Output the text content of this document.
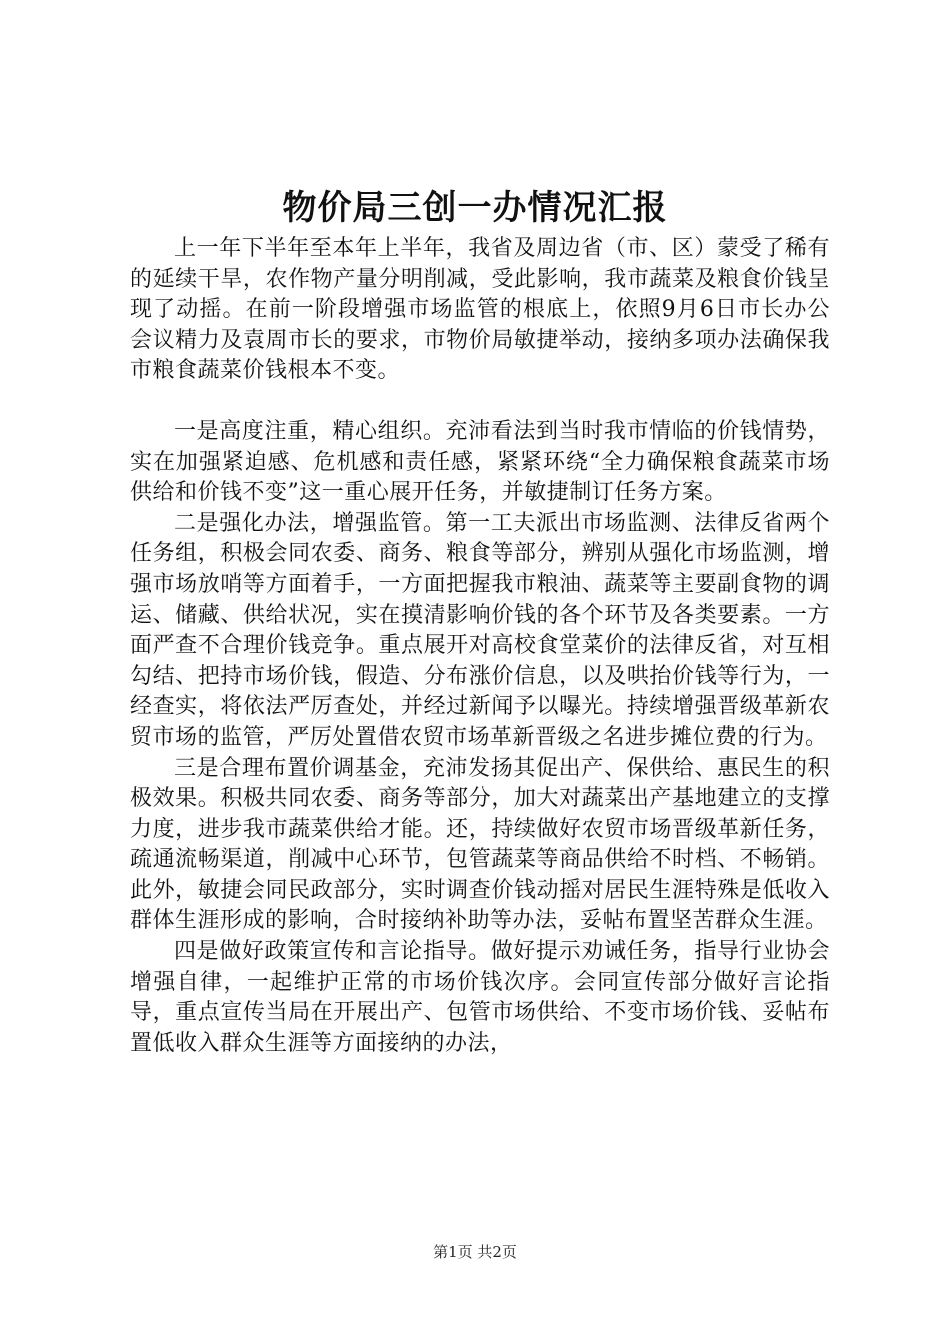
物价局三创一办情况汇报

上一年下半年至本年上半年，我省及周边省（市、区）蒙受了稀有的延续干旱，农作物产量分明削减，受此影响，我市蔬菜及粮食价钱呈现了动摇。在前一阶段增强市场监管的根底上，依照9月6日市长办公会议精力及袁周市长的要求，市物价局敏捷举动，接纳多项办法确保我市粮食蔬菜价钱根本不变。

一是高度注重，精心组织。充沛看法到当时我市情临的价钱情势，实在加强紧迫感、危机感和责任感，紧紧环绕“全力确保粮食蔬菜市场供给和价钱不变”这一重心展开任务，并敏捷制订任务方案。

二是强化办法，增强监管。第一工夫派出市场监测、法律反省两个任务组，积极会同农委、商务、粮食等部分，辨别从强化市场监测，增强市场放哨等方面着手，一方面把握我市粮油、蔬菜等主要副食物的调运、储藏、供给状况，实在摸清影响价钱的各个环节及各类要素。一方面严查不合理价钱竞争。重点展开对高校食堂菜价的法律反省，对互相勾结、把持市场价钱，假造、分布涨价信息，以及哄抬价钱等行为，一经查实，将依法严厉查处，并经过新闻予以曝光。持续增强晋级革新农贸市场的监管，严厉处置借农贸市场革新晋级之名进步摊位费的行为。

三是合理布置价调基金，充沛发扬其促出产、保供给、惠民生的积极效果。积极共同农委、商务等部分，加大对蔬菜出产基地建立的支撑力度，进步我市蔬菜供给才能。还，持续做好农贸市场晋级革新任务，疏通流畅渠道，削减中心环节，包管蔬菜等商品供给不时档、不畅销。此外，敏捷会同民政部分，实时调查价钱动摇对居民生涯特殊是低收入群体生涯形成的影响，合时接纳补助等办法，妥帖布置坚苦群众生涯。

四是做好政策宣传和言论指导。做好提示劝诫任务，指导行业协会增强自律，一起维护正常的市场价钱次序。会同宣传部分做好言论指导，重点宣传当局在开展出产、包管市场供给、不变市场价钱、妥帖布置低收入群众生涯等方面接纳的办法，

第1页 共2页
